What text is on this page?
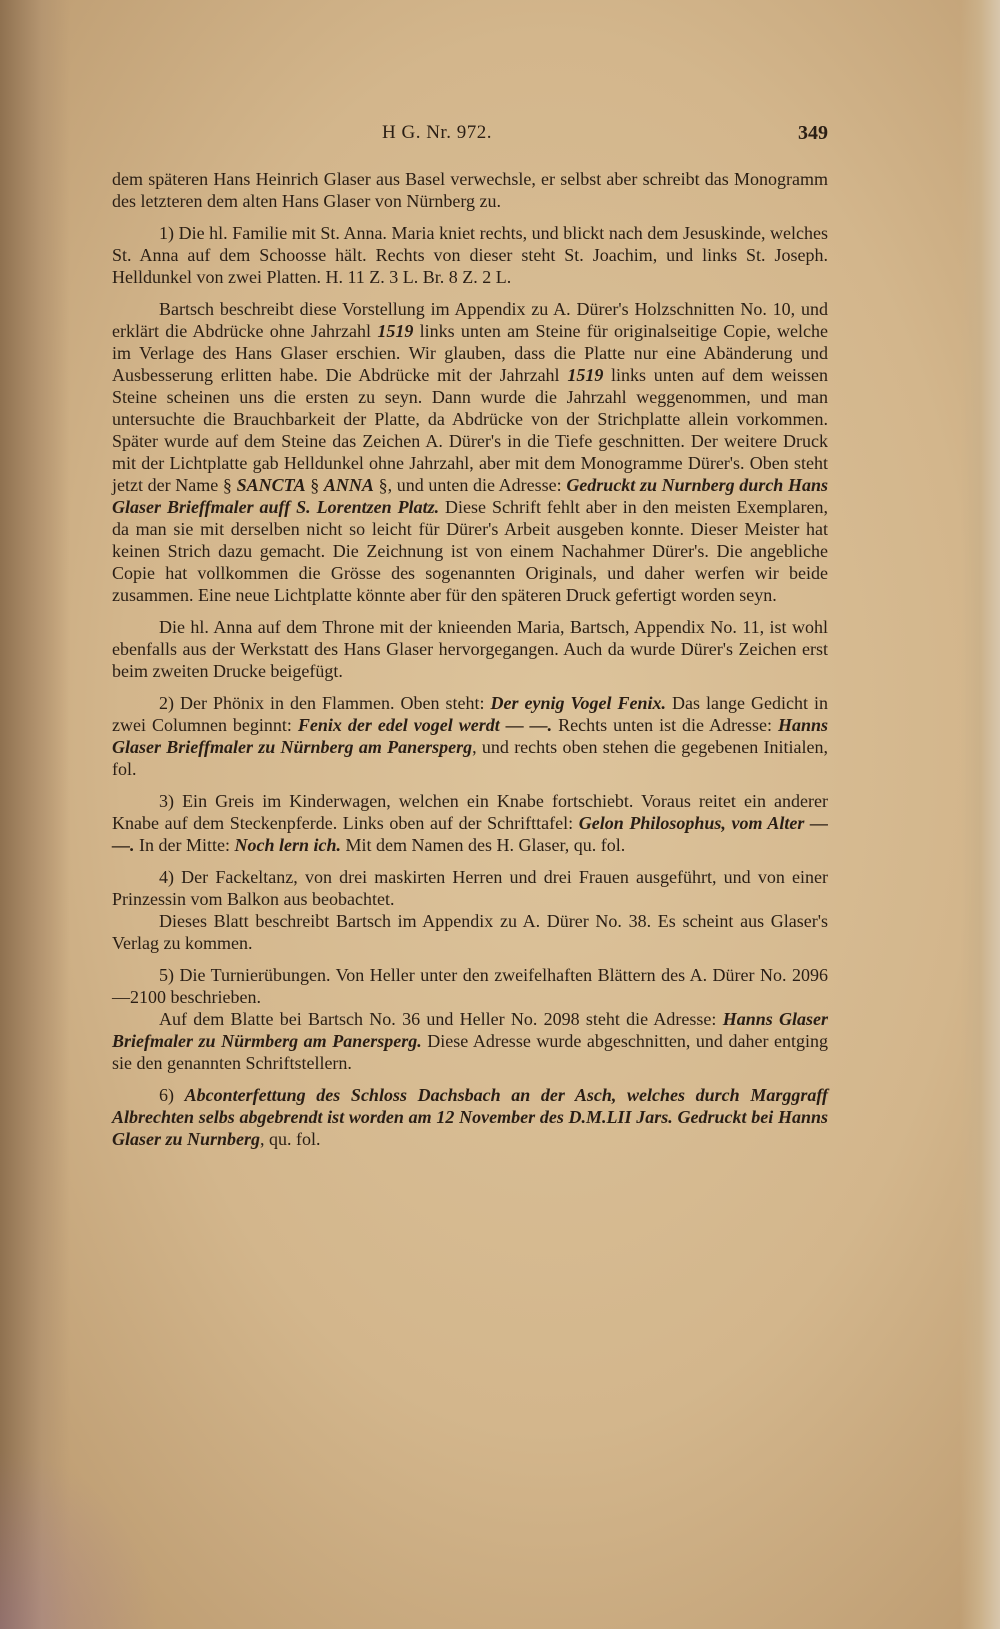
H G. Nr. 972.	349

dem späteren Hans Heinrich Glaser aus Basel verwechsle, er selbst aber schreibt das Monogramm des letzteren dem alten Hans Glaser von Nürnberg zu.

1) Die hl. Familie mit St. Anna. Maria kniet rechts, und blickt nach dem Jesuskinde, welches St. Anna auf dem Schoosse hält. Rechts von dieser steht St. Joachim, und links St. Joseph. Helldunkel von zwei Platten. H. 11 Z. 3 L. Br. 8 Z. 2 L.

Bartsch beschreibt diese Vorstellung im Appendix zu A. Dürer's Holzschnitten No. 10, und erklärt die Abdrücke ohne Jahrzahl 1519 links unten am Steine für originalseitige Copie, welche im Verlage des Hans Glaser erschien. Wir glauben, dass die Platte nur eine Abänderung und Ausbesserung erlitten habe. Die Abdrücke mit der Jahrzahl 1519 links unten auf dem weissen Steine scheinen uns die ersten zu seyn. Dann wurde die Jahrzahl weggenommen, und man untersuchte die Brauchbarkeit der Platte, da Abdrücke von der Strichplatte allein vorkommen. Später wurde auf dem Steine das Zeichen A. Dürer's in die Tiefe geschnitten. Der weitere Druck mit der Lichtplatte gab Helldunkel ohne Jahrzahl, aber mit dem Monogramme Dürer's. Oben steht jetzt der Name § SANCTA § ANNA §, und unten die Adresse: Gedruckt zu Nurnberg durch Hans Glaser Brieffmaler auff S. Lorentzen Platz. Diese Schrift fehlt aber in den meisten Exemplaren, da man sie mit derselben nicht so leicht für Dürer's Arbeit ausgeben konnte. Dieser Meister hat keinen Strich dazu gemacht. Die Zeichnung ist von einem Nachahmer Dürer's. Die angebliche Copie hat vollkommen die Grösse des sogenannten Originals, und daher werfen wir beide zusammen. Eine neue Lichtplatte könnte aber für den späteren Druck gefertigt worden seyn.

Die hl. Anna auf dem Throne mit der knieenden Maria, Bartsch, Appendix No. 11, ist wohl ebenfalls aus der Werkstatt des Hans Glaser hervorgegangen. Auch da wurde Dürer's Zeichen erst beim zweiten Drucke beigefügt.

2) Der Phönix in den Flammen. Oben steht: Der eynig Vogel Fenix. Das lange Gedicht in zwei Columnen beginnt: Fenix der edel vogel werdt — —. Rechts unten ist die Adresse: Hanns Glaser Brieffmaler zu Nürnberg am Panersperg, und rechts oben stehen die gegebenen Initialen, fol.

3) Ein Greis im Kinderwagen, welchen ein Knabe fortschiebt. Voraus reitet ein anderer Knabe auf dem Steckenpferde. Links oben auf der Schrifttafel: Gelon Philosophus, vom Alter — —. In der Mitte: Noch lern ich. Mit dem Namen des H. Glaser, qu. fol.

4) Der Fackeltanz, von drei maskirten Herren und drei Frauen ausgeführt, und von einer Prinzessin vom Balkon aus beobachtet.

Dieses Blatt beschreibt Bartsch im Appendix zu A. Dürer No. 38. Es scheint aus Glaser's Verlag zu kommen.

5) Die Turnierübungen. Von Heller unter den zweifelhaften Blättern des A. Dürer No. 2096—2100 beschrieben.

Auf dem Blatte bei Bartsch No. 36 und Heller No. 2098 steht die Adresse: Hanns Glaser Briefmaler zu Nürmberg am Panersperg. Diese Adresse wurde abgeschnitten, und daher entging sie den genannten Schriftstellern.

6) Abconterfettung des Schloss Dachsbach an der Asch, welches durch Marggraff Albrechten selbs abgebrendt ist worden am 12 November des D.M.LII Jars. Gedruckt bei Hanns Glaser zu Nurnberg, qu. fol.
